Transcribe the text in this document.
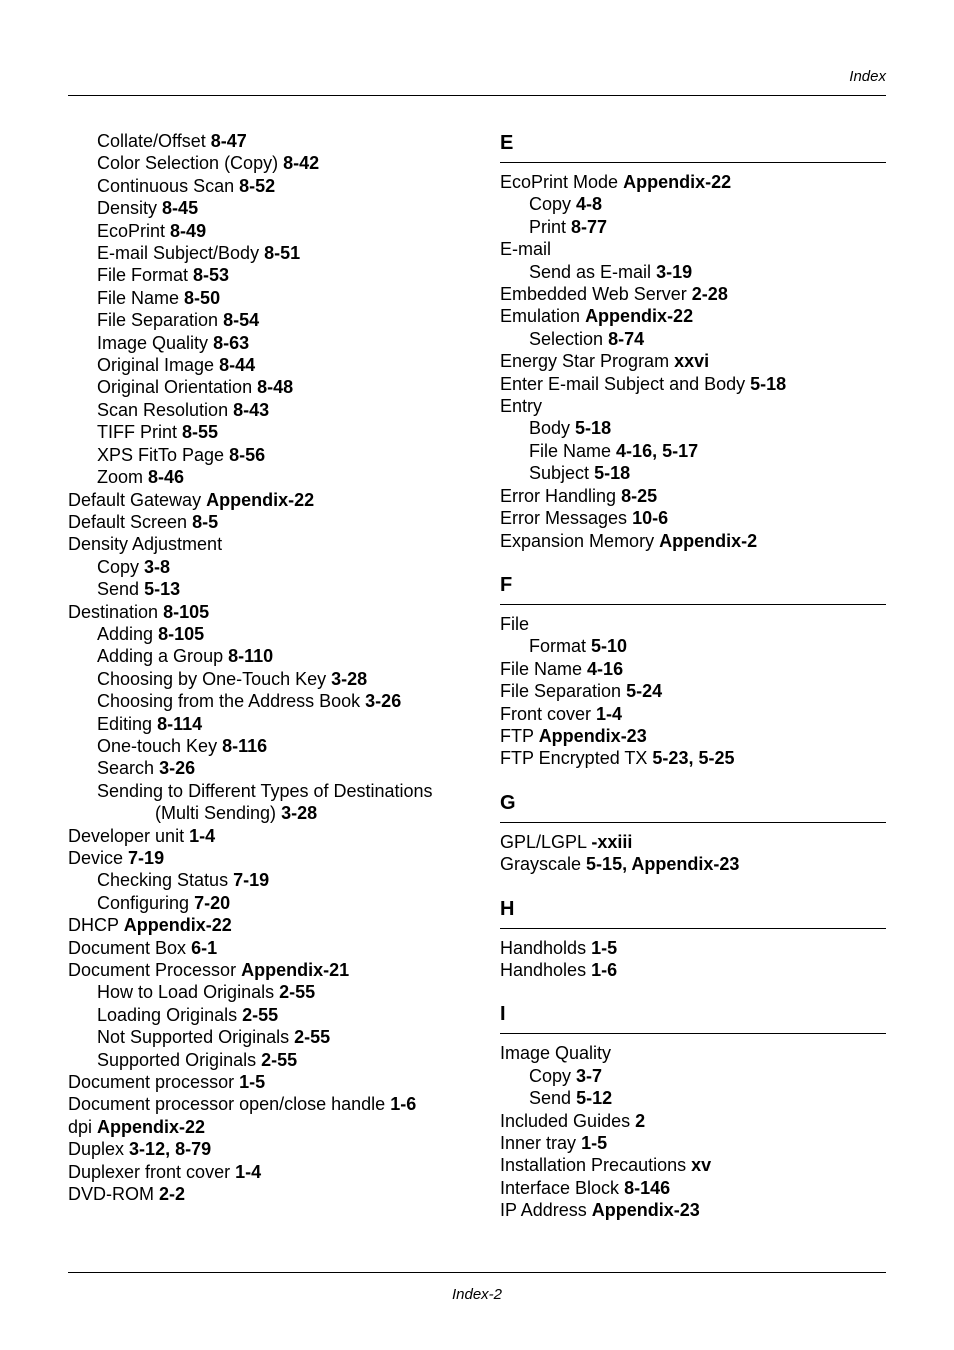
Index
Collate/Offset 8-47
Color Selection (Copy) 8-42
Continuous Scan 8-52
Density 8-45
EcoPrint 8-49
E-mail Subject/Body 8-51
File Format 8-53
File Name 8-50
File Separation 8-54
Image Quality 8-63
Original Image 8-44
Original Orientation 8-48
Scan Resolution 8-43
TIFF Print 8-55
XPS FitTo Page 8-56
Zoom 8-46
Default Gateway Appendix-22
Default Screen 8-5
Density Adjustment
Copy 3-8
Send 5-13
Destination 8-105
Adding 8-105
Adding a Group 8-110
Choosing by One-Touch Key 3-28
Choosing from the Address Book 3-26
Editing 8-114
One-touch Key 8-116
Search 3-26
Sending to Different Types of Destinations
(Multi Sending) 3-28
Developer unit 1-4
Device 7-19
Checking Status 7-19
Configuring 7-20
DHCP Appendix-22
Document Box 6-1
Document Processor Appendix-21
How to Load Originals 2-55
Loading Originals 2-55
Not Supported Originals 2-55
Supported Originals 2-55
Document processor 1-5
Document processor open/close handle 1-6
dpi Appendix-22
Duplex 3-12, 8-79
Duplexer front cover 1-4
DVD-ROM 2-2
E
EcoPrint Mode Appendix-22
Copy 4-8
Print 8-77
E-mail
Send as E-mail 3-19
Embedded Web Server 2-28
Emulation Appendix-22
Selection 8-74
Energy Star Program xxvi
Enter E-mail Subject and Body 5-18
Entry
Body 5-18
File Name 4-16, 5-17
Subject 5-18
Error Handling 8-25
Error Messages 10-6
Expansion Memory Appendix-2
F
File
Format 5-10
File Name 4-16
File Separation 5-24
Front cover 1-4
FTP Appendix-23
FTP Encrypted TX 5-23, 5-25
G
GPL/LGPL -xxiii
Grayscale 5-15, Appendix-23
H
Handholds 1-5
Handholes 1-6
I
Image Quality
Copy 3-7
Send 5-12
Included Guides 2
Inner tray 1-5
Installation Precautions xv
Interface Block 8-146
IP Address Appendix-23
Index-2
